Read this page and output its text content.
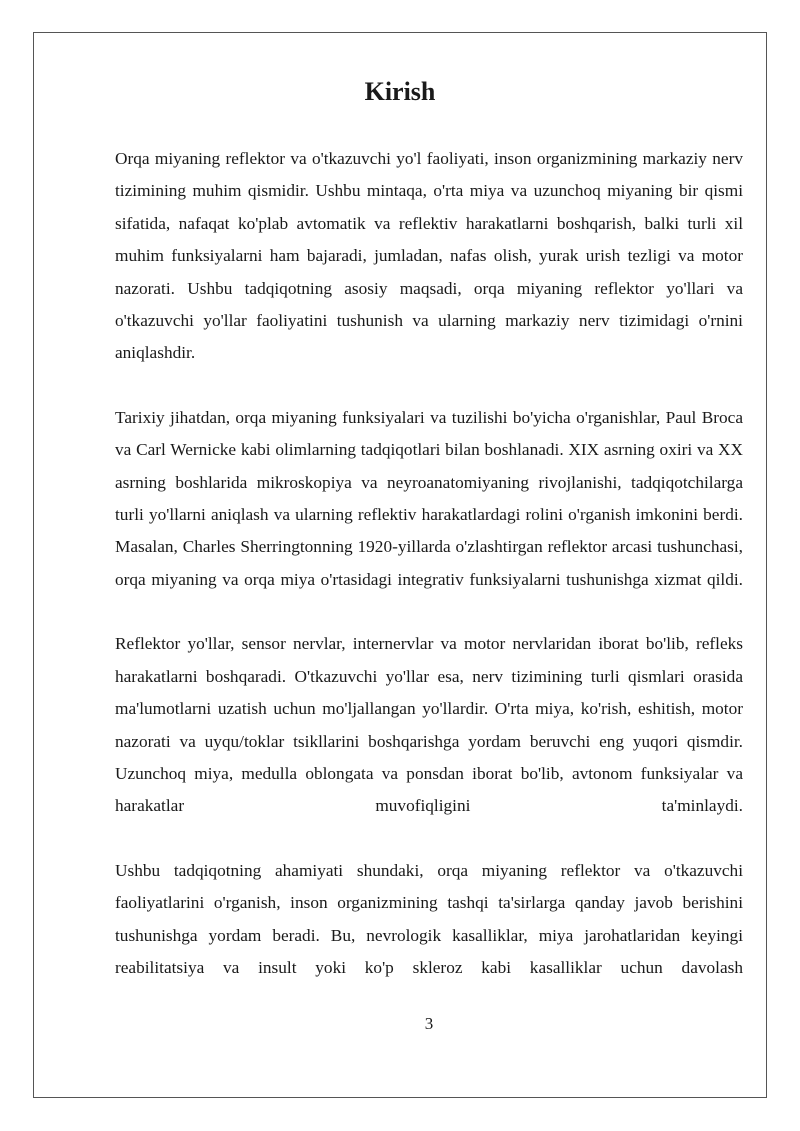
Kirish

Orqa miyaning reflektor va o'tkazuvchi yo'l faoliyati, inson organizmining markaziy nerv tizimining muhim qismidir. Ushbu mintaqa, o'rta miya va uzunchoq miyaning bir qismi sifatida, nafaqat ko'plab avtomatik va reflektiv harakatlarni boshqarish, balki turli xil muhim funksiyalarni ham bajaradi, jumladan, nafas olish, yurak urish tezligi va motor nazorati. Ushbu tadqiqotning asosiy maqsadi, orqa miyaning reflektor yo'llari va o'tkazuvchi yo'llar faoliyatini tushunish va ularning markaziy nerv tizimidagi o'rnini aniqlashdir.

Tarixiy jihatdan, orqa miyaning funksiyalari va tuzilishi bo'yicha o'rganishlar, Paul Broca va Carl Wernicke kabi olimlarning tadqiqotlari bilan boshlanadi. XIX asrning oxiri va XX asrning boshlarida mikroskopiya va neyroanatomiyaning rivojlanishi, tadqiqotchilarga turli yo'llarni aniqlash va ularning reflektiv harakatlardagi rolini o'rganish imkonini berdi. Masalan, Charles Sherringtonning 1920-yillarda o'zlashtirgan reflektor arcasi tushunchasi, orqa miyaning va orqa miya o'rtasidagi integrativ funksiyalarni tushunishga xizmat qildi.

Reflektor yo'llar, sensor nervlar, internervlar va motor nervlaridan iborat bo'lib, refleks harakatlarni boshqaradi. O'tkazuvchi yo'llar esa, nerv tizimining turli qismlari orasida ma'lumotlarni uzatish uchun mo'ljallangan yo'llardir. O'rta miya, ko'rish, eshitish, motor nazorati va uyqu/toklar tsikllarini boshqarishga yordam beruvchi eng yuqori qismdir. Uzunchoq miya, medulla oblongata va ponsdan iborat bo'lib, avtonom funksiyalar va harakatlar muvofiqligini ta'minlaydi.

Ushbu tadqiqotning ahamiyati shundaki, orqa miyaning reflektor va o'tkazuvchi faoliyatlarini o'rganish, inson organizmining tashqi ta'sirlarga qanday javob berishini tushunishga yordam beradi. Bu, nevrologik kasalliklar, miya jarohatlaridan keyingi reabilitatsiya va insult yoki ko'p skleroz kabi kasalliklar uchun davolash

3
